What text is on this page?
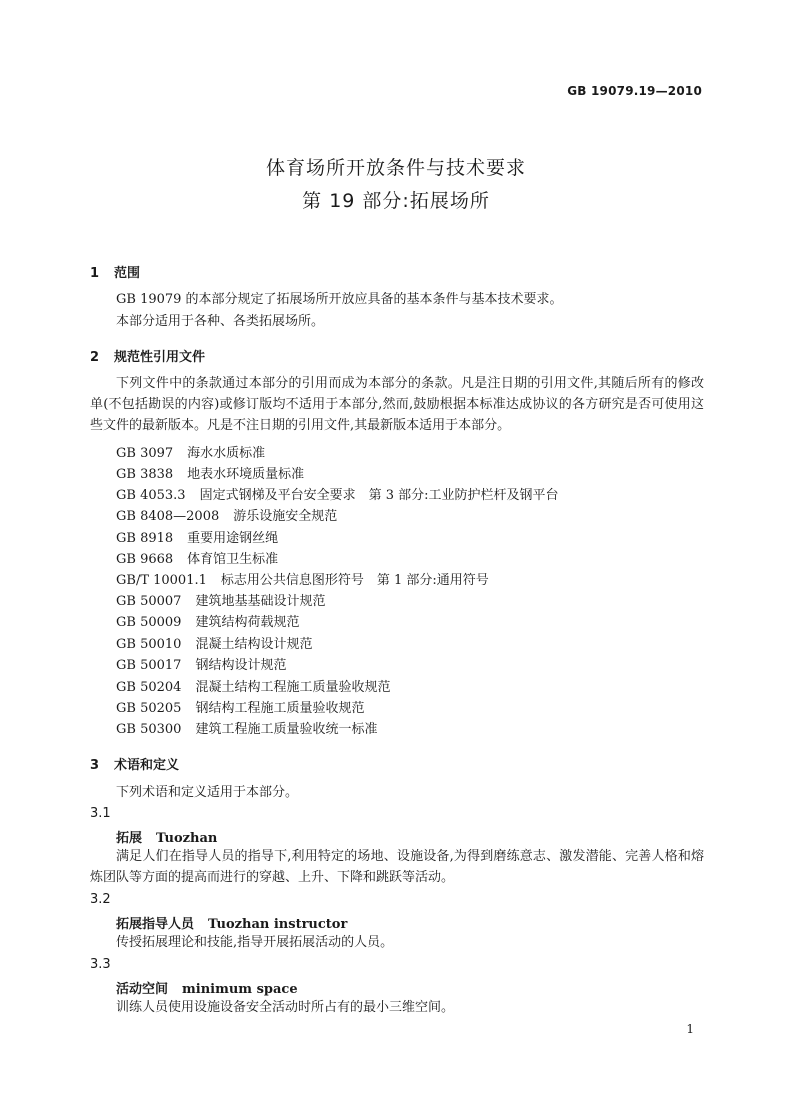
GB 19079.19—2010
体育场所开放条件与技术要求
第 19 部分:拓展场所
1 范围
GB 19079 的本部分规定了拓展场所开放应具备的基本条件与基本技术要求。
本部分适用于各种、各类拓展场所。
2 规范性引用文件
下列文件中的条款通过本部分的引用而成为本部分的条款。凡是注日期的引用文件,其随后所有的修改单(不包括勘误的内容)或修订版均不适用于本部分,然而,鼓励根据本标准达成协议的各方研究是否可使用这些文件的最新版本。凡是不注日期的引用文件,其最新版本适用于本部分。
GB 3097 海水水质标准
GB 3838 地表水环境质量标准
GB 4053.3 固定式钢梯及平台安全要求　第 3 部分:工业防护栏杆及钢平台
GB 8408—2008 游乐设施安全规范
GB 8918 重要用途钢丝绳
GB 9668 体育馆卫生标准
GB/T 10001.1 标志用公共信息图形符号　第 1 部分:通用符号
GB 50007 建筑地基基础设计规范
GB 50009 建筑结构荷载规范
GB 50010 混凝土结构设计规范
GB 50017 钢结构设计规范
GB 50204 混凝土结构工程施工质量验收规范
GB 50205 钢结构工程施工质量验收规范
GB 50300 建筑工程施工质量验收统一标准
3 术语和定义
下列术语和定义适用于本部分。
3.1
拓展 Tuozhan
满足人们在指导人员的指导下,利用特定的场地、设施设备,为得到磨练意志、激发潜能、完善人格和熔炼团队等方面的提高而进行的穿越、上升、下降和跳跃等活动。
3.2
拓展指导人员 Tuozhan instructor
传授拓展理论和技能,指导开展拓展活动的人员。
3.3
活动空间 minimum space
训练人员使用设施设备安全活动时所占有的最小三维空间。
1
